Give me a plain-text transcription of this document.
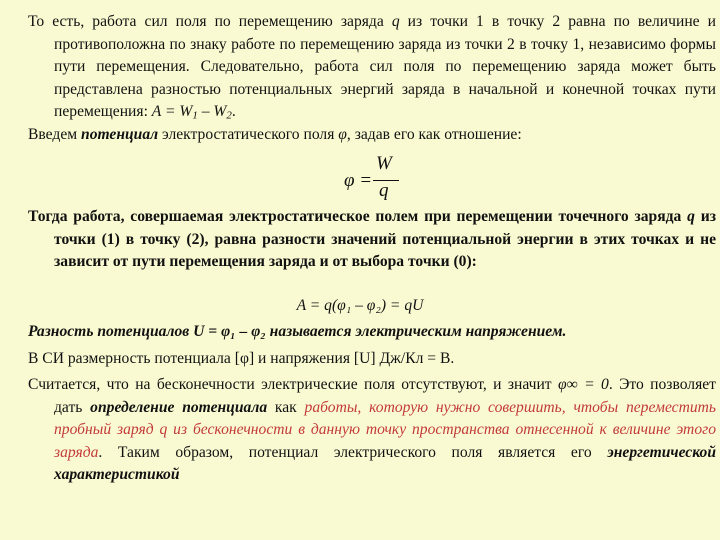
То есть, работа сил поля по перемещению заряда q из точки 1 в точку 2 равна по величине и противоположна по знаку работе по перемещению заряда из точки 2 в точку 1, независимо формы пути перемещения. Следовательно, работа сил поля по перемещению заряда может быть представлена разностью потенциальных энергий заряда в начальной и конечной точках пути перемещения: $A = W_1 - W_2$.

Введем потенциал электростатического поля φ, задав его как отношение:

φ =
W
q

Тогда работа, совершаемая электростатическое полем при перемещении точечного заряда q из точки (1) в точку (2), равна разности значений потенциальной энергии в этих точках и не зависит от пути перемещения заряда и от выбора точки (0):

A = q(φ₁ – φ₂) = qU

Разность потенциалов U = φ₁ – φ₂ называется электрическим напряжением.

В СИ размерность потенциала [φ] и напряжения [U] Дж/Кл = В.

Считается, что на бесконечности электрические поля отсутствуют, и значит φ∞ = 0. Это позволяет дать определение потенциала как работы, которую нужно совершить, чтобы переместить пробный заряд q из бесконечности в данную точку пространства отнесенной к величине этого заряда. Таким образом, потенциал электрического поля является его энергетической характеристикой
